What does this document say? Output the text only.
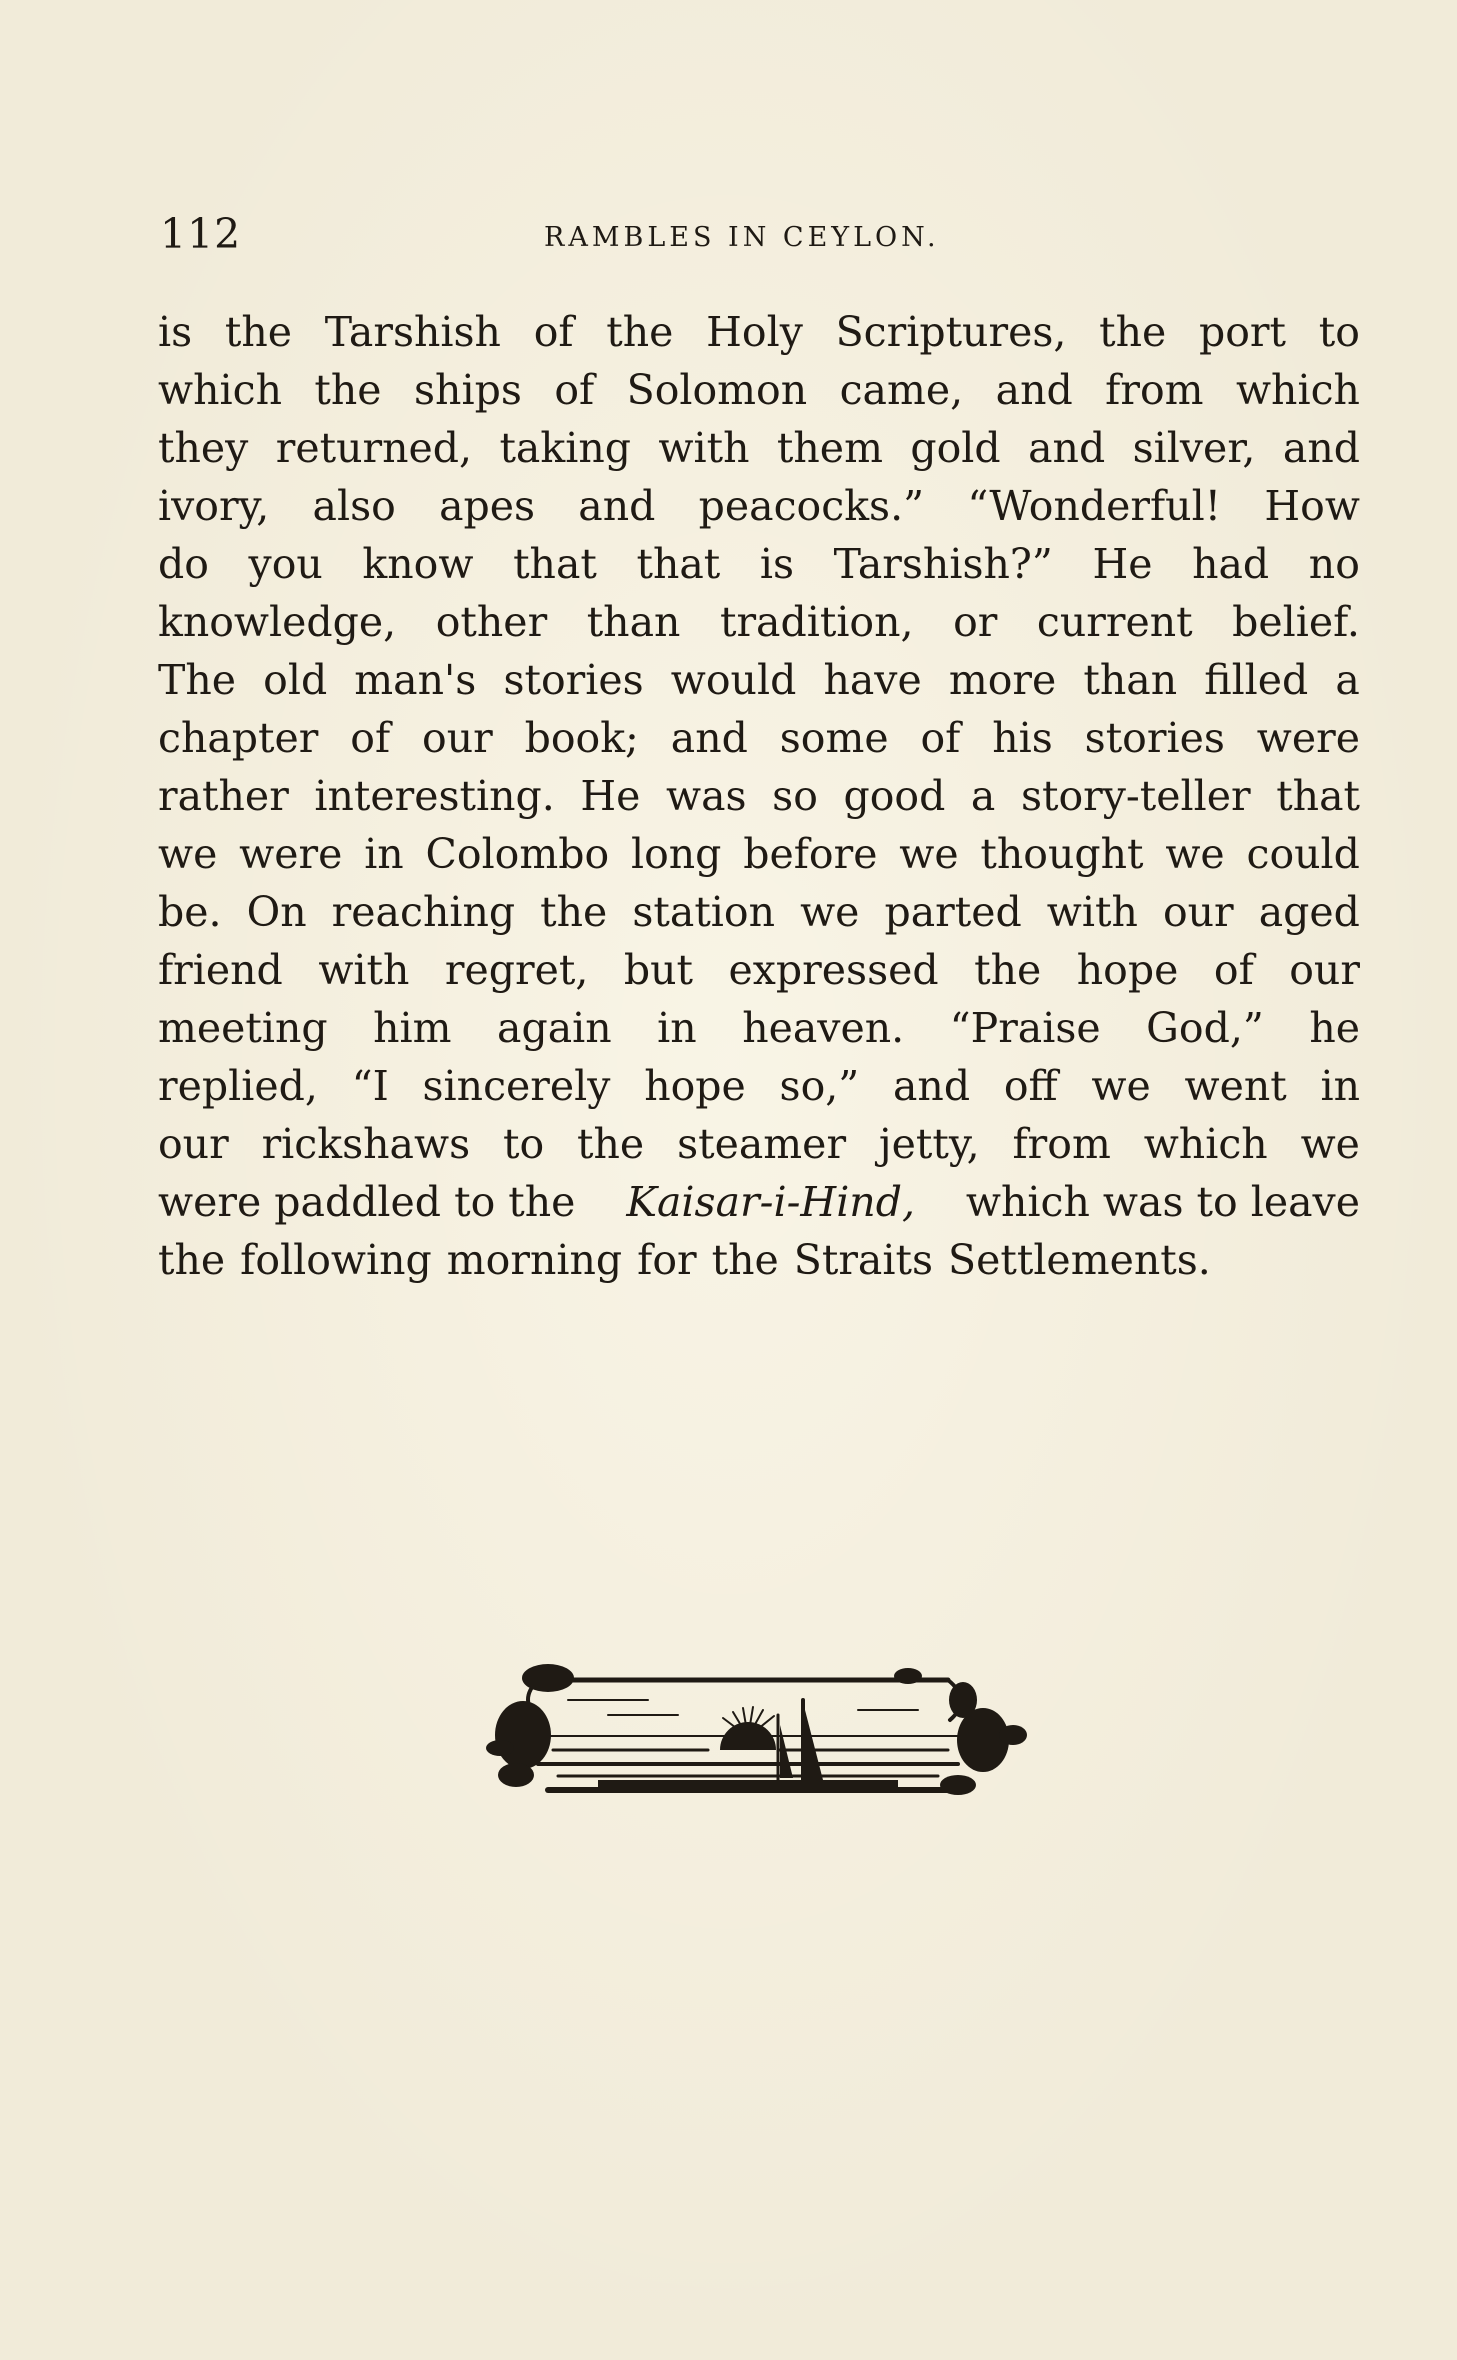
112	RAMBLES IN CEYLON.
is the Tarshish of the Holy Scriptures, the port to
which the ships of Solomon came, and from which
they returned, taking with them gold and silver, and
ivory, also apes and peacocks.” “Wonderful! How
do you know that that is Tarshish?” He had no
knowledge, other than tradition, or current belief.
The old man's stories would have more than filled a
chapter of our book; and some of his stories were
rather interesting. He was so good a story-teller that
we were in Colombo long before we thought we could
be. On reaching the station we parted with our aged
friend with regret, but expressed the hope of our
meeting him again in heaven. “Praise God,” he
replied, “I sincerely hope so,” and off we went in
our rickshaws to the steamer jetty, from which we
were paddled to the Kaisar-i-Hind, which was to leave
the following morning for the Straits Settlements.
